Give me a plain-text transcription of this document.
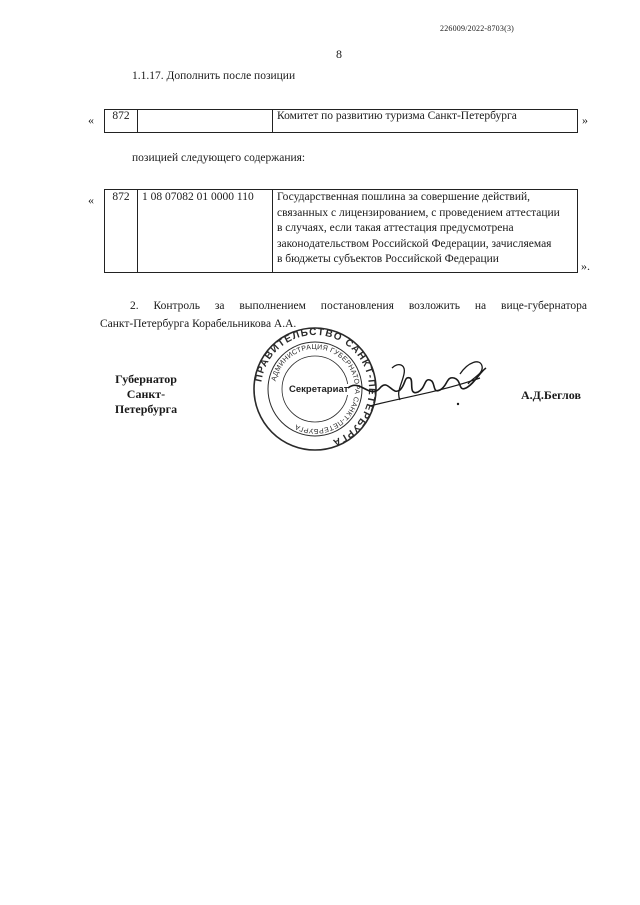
226009/2022-8703(3)
8
1.1.17. Дополнить после позиции
« 872		Комитет по развитию туризма Санкт-Петербурга	»
позицией следующего содержания:
« 872	1 08 07082 01 0000 110	Государственная пошлина за совершение действий,
связанных с лицензированием, с проведением аттестации
в случаях, если такая аттестация предусмотрена
законодательством Российской Федерации, зачисляемая
в бюджеты субъектов Российской Федерации	».
2. Контроль за выполнением постановления возложить на вице-губернатора
Санкт-Петербурга Корабельникова А.А.
Губернатор
Санкт-Петербурга
ПРАВИТЕЛЬСТВО САНКТ-ПЕТЕРБУРГА
АДМИНИСТРАЦИЯ ГУБЕРНАТОРА САНКТ-ПЕТЕРБУРГА
Секретариат	А.Д.Беглов
